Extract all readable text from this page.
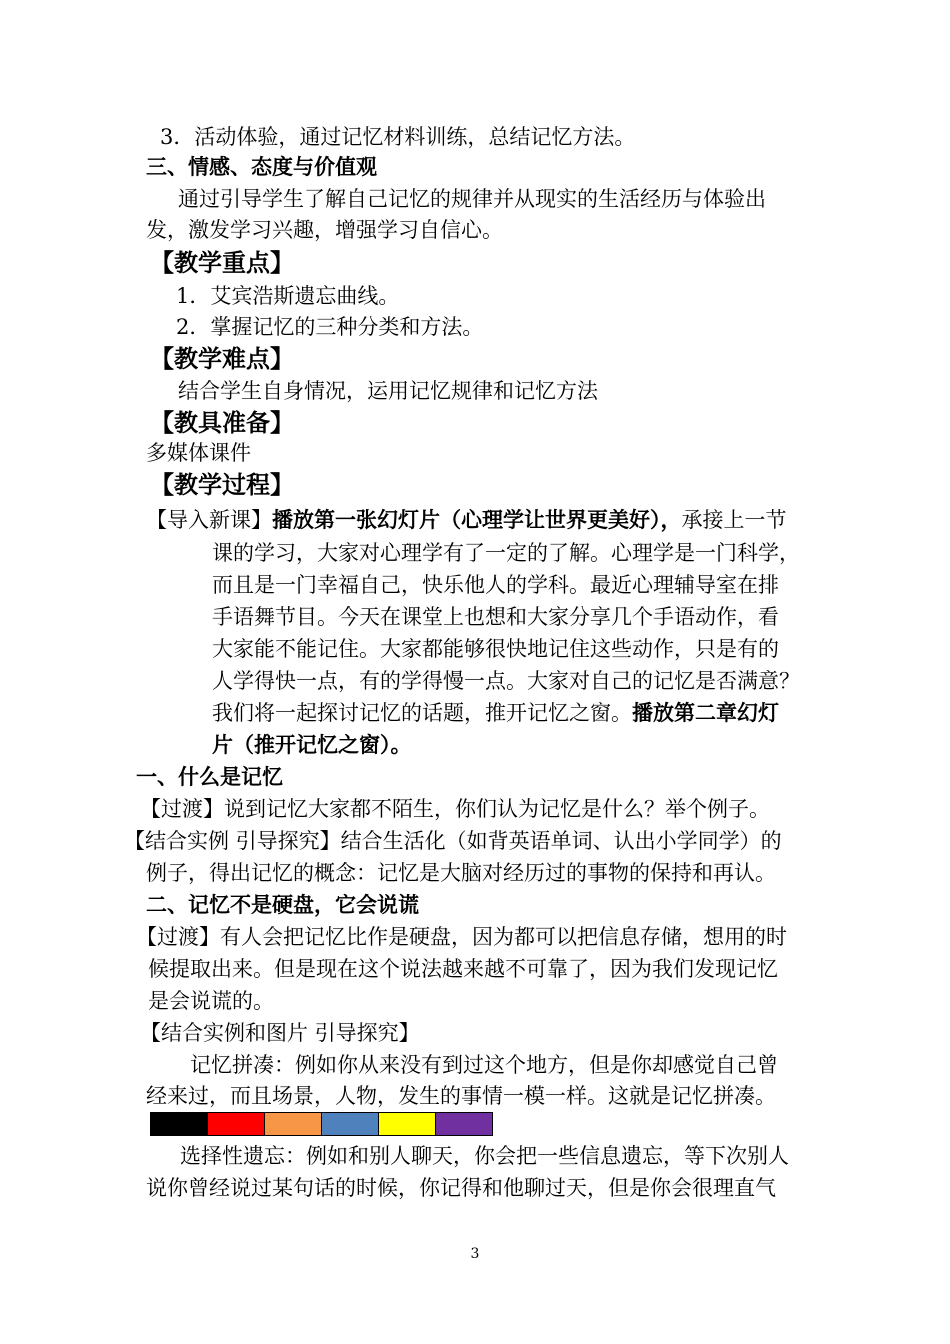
3．活动体验，通过记忆材料训练，总结记忆方法。
三、情感、态度与价值观
通过引导学生了解自己记忆的规律并从现实的生活经历与体验出
发，激发学习兴趣，增强学习自信心。
【教学重点】
1．艾宾浩斯遗忘曲线。
2．掌握记忆的三种分类和方法。
【教学难点】
结合学生自身情况，运用记忆规律和记忆方法
【教具准备】
多媒体课件
【教学过程】
【导入新课】播放第一张幻灯片（心理学让世界更美好），承接上一节
课的学习，大家对心理学有了一定的了解。心理学是一门科学，
而且是一门幸福自己，快乐他人的学科。最近心理辅导室在排
手语舞节目。今天在课堂上也想和大家分享几个手语动作，看
大家能不能记住。大家都能够很快地记住这些动作，只是有的
人学得快一点，有的学得慢一点。大家对自己的记忆是否满意？
我们将一起探讨记忆的话题，推开记忆之窗。播放第二章幻灯
片（推开记忆之窗）。
一、什么是记忆
【过渡】说到记忆大家都不陌生，你们认为记忆是什么？举个例子。
【结合实例 引导探究】结合生活化（如背英语单词、认出小学同学）的
例子，得出记忆的概念：记忆是大脑对经历过的事物的保持和再认。
二、记忆不是硬盘，它会说谎
【过渡】有人会把记忆比作是硬盘，因为都可以把信息存储，想用的时
候提取出来。但是现在这个说法越来越不可靠了，因为我们发现记忆
是会说谎的。
【结合实例和图片 引导探究】
记忆拼凑：例如你从来没有到过这个地方，但是你却感觉自己曾
经来过，而且场景，人物，发生的事情一模一样。这就是记忆拼凑。
选择性遗忘：例如和别人聊天，你会把一些信息遗忘，等下次别人
说你曾经说过某句话的时候，你记得和他聊过天，但是你会很理直气
3
